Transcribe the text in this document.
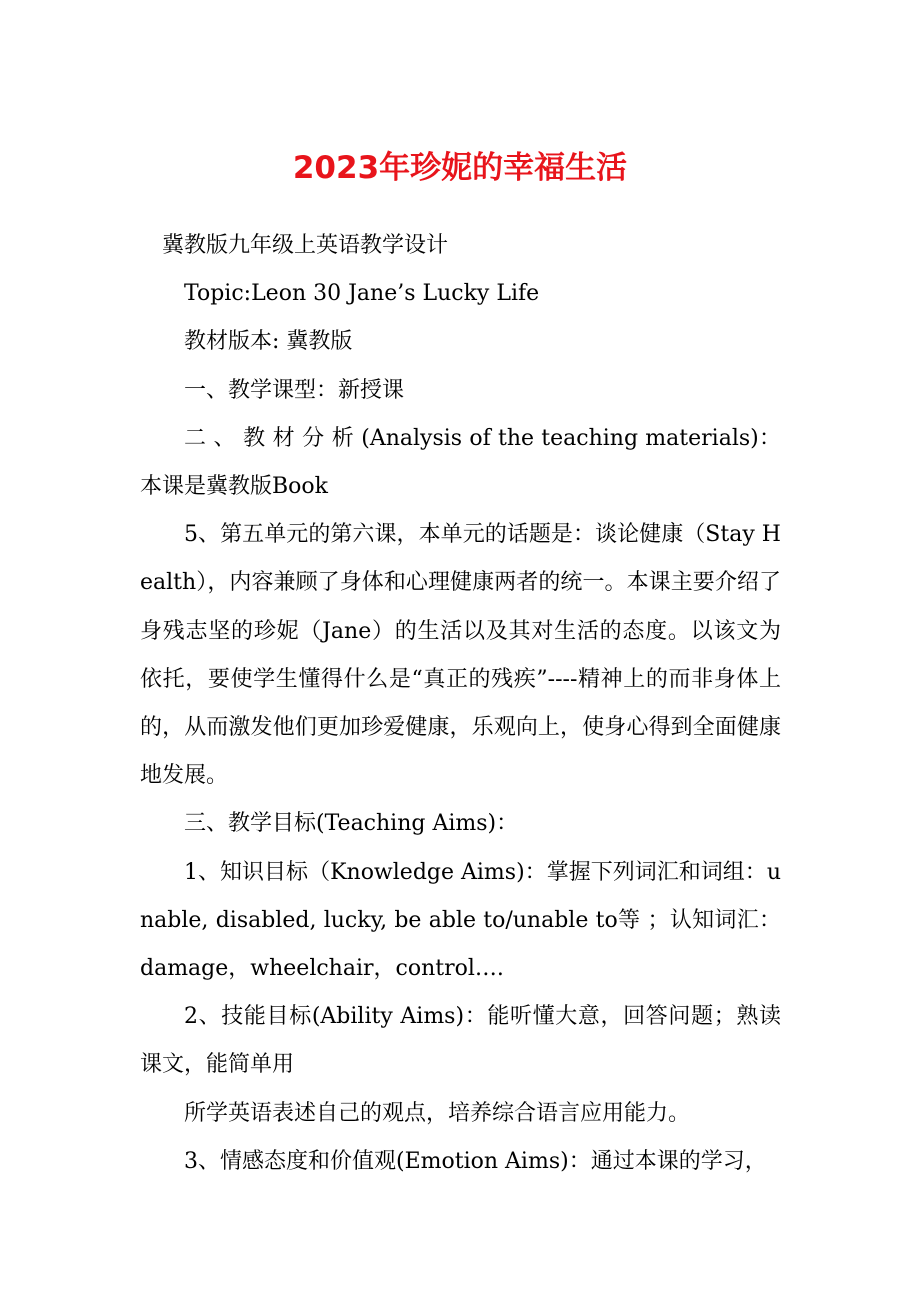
2023年珍妮的幸福生活

冀教版九年级上英语教学设计

Topic:Leon 30 Jane’s Lucky Life

教材版本: 冀教版

一、教学课型：新授课

二 、 教 材 分 析 (Analysis of the teaching materials)：本课是冀教版Book

5、第五单元的第六课，本单元的话题是：谈论健康（Stay Health），内容兼顾了身体和心理健康两者的统一。本课主要介绍了身残志坚的珍妮（Jane）的生活以及其对生活的态度。以该文为依托，要使学生懂得什么是“真正的残疾”----精神上的而非身体上的，从而激发他们更加珍爱健康，乐观向上，使身心得到全面健康地发展。

三、教学目标(Teaching Aims)：

1、知识目标（Knowledge Aims)：掌握下列词汇和词组：unable, disabled, lucky, be able to/unable to等 ；认知词汇：damage，wheelchair，control….

2、技能目标(Ability Aims)：能听懂大意，回答问题；熟读课文，能简单用

所学英语表述自己的观点，培养综合语言应用能力。

3、情感态度和价值观(Emotion Aims)：通过本课的学习，
